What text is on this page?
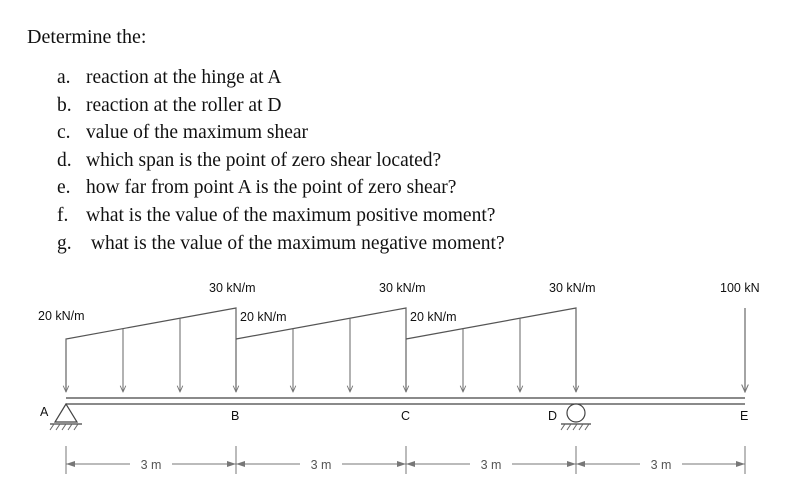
Determine the:
a. reaction at the hinge at A
b. reaction at the roller at D
c. value of the maximum shear
d. which span is the point of zero shear located?
e. how far from point A is the point of zero shear?
f. what is the value of the maximum positive moment?
g. what is the value of the maximum negative moment?
20 kN/m
30 kN/m
20 kN/m
30 kN/m
20 kN/m
30 kN/m	100 kN
A	B	C	D	E
3 m	3 m	3 m	3 m
